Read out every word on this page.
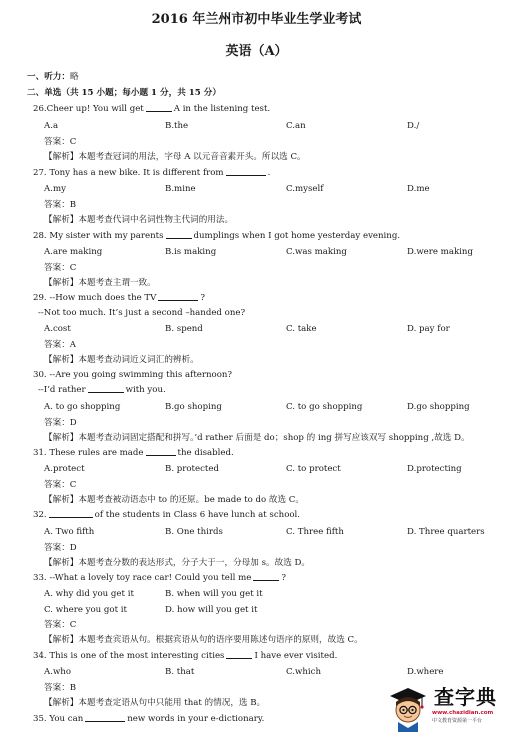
2016 年兰州市初中毕业生学业考试
英语（A）
一、听力：略
二、单选（共 15 小题；每小题 1 分，共 15 分）
26.Cheer up! You will get	A in the listening test.
A.a	B.the	C.an	D./
答案：C
【解析】本题考查冠词的用法，字母 A 以元音音素开头。所以选 C。
27. Tony has a new bike. It is different from	.
A.my	B.mine	C.myself	D.me
答案：B
【解析】本题考查代词中名词性物主代词的用法。
28. My sister with my parents	dumplings when I got home yesterday evening.
A.are making	B.is making	C.was making	D.were making
答案：C
【解析】本题考查主谓一致。
29. --How much does the TV	?
--Not too much. It’s just a second –handed one?
A.cost	B. spend	C. take	D. pay for
答案：A
【解析】本题考查动词近义词汇的辨析。
30. --Are you going swimming this afternoon?
--I’d rather	with you.
A. to go shopping	B.go shoping	C. to go shopping	D.go shopping
答案：D
【解析】本题考查动词固定搭配和拼写。’d rather 后面是 do；shop 的 ing 拼写应该双写 shopping ,故选 D。
31. These rules are made	the disabled.
A.protect	B. protected	C. to protect	D.protecting
答案：C
【解析】本题考查被动语态中 to 的还原。be made to do 故选 C。
32.	of the students in Class 6 have lunch at school.
A. Two fifth	B. One thirds	C. Three fifth	D. Three quarters
答案：D
【解析】本题考查分数的表达形式，分子大于一，分母加 s。故选 D。
33. --What a lovely toy race car! Could you tell me	?
A. why did you get it	B. when will you get it
C. where you got it	D. how will you get it
答案：C
【解析】本题考查宾语从句。根据宾语从句的语序要用陈述句语序的原则，故选 C。
34. This is one of the most interesting cities	I have ever visited.
A.who	B. that	C.which	D.where
答案：B
【解析】本题考查定语从句中只能用 that 的情况，选 B。
35. You can	new words in your e-dictionary.
查字典
www.chazidian.com
中文教育资源第一平台
